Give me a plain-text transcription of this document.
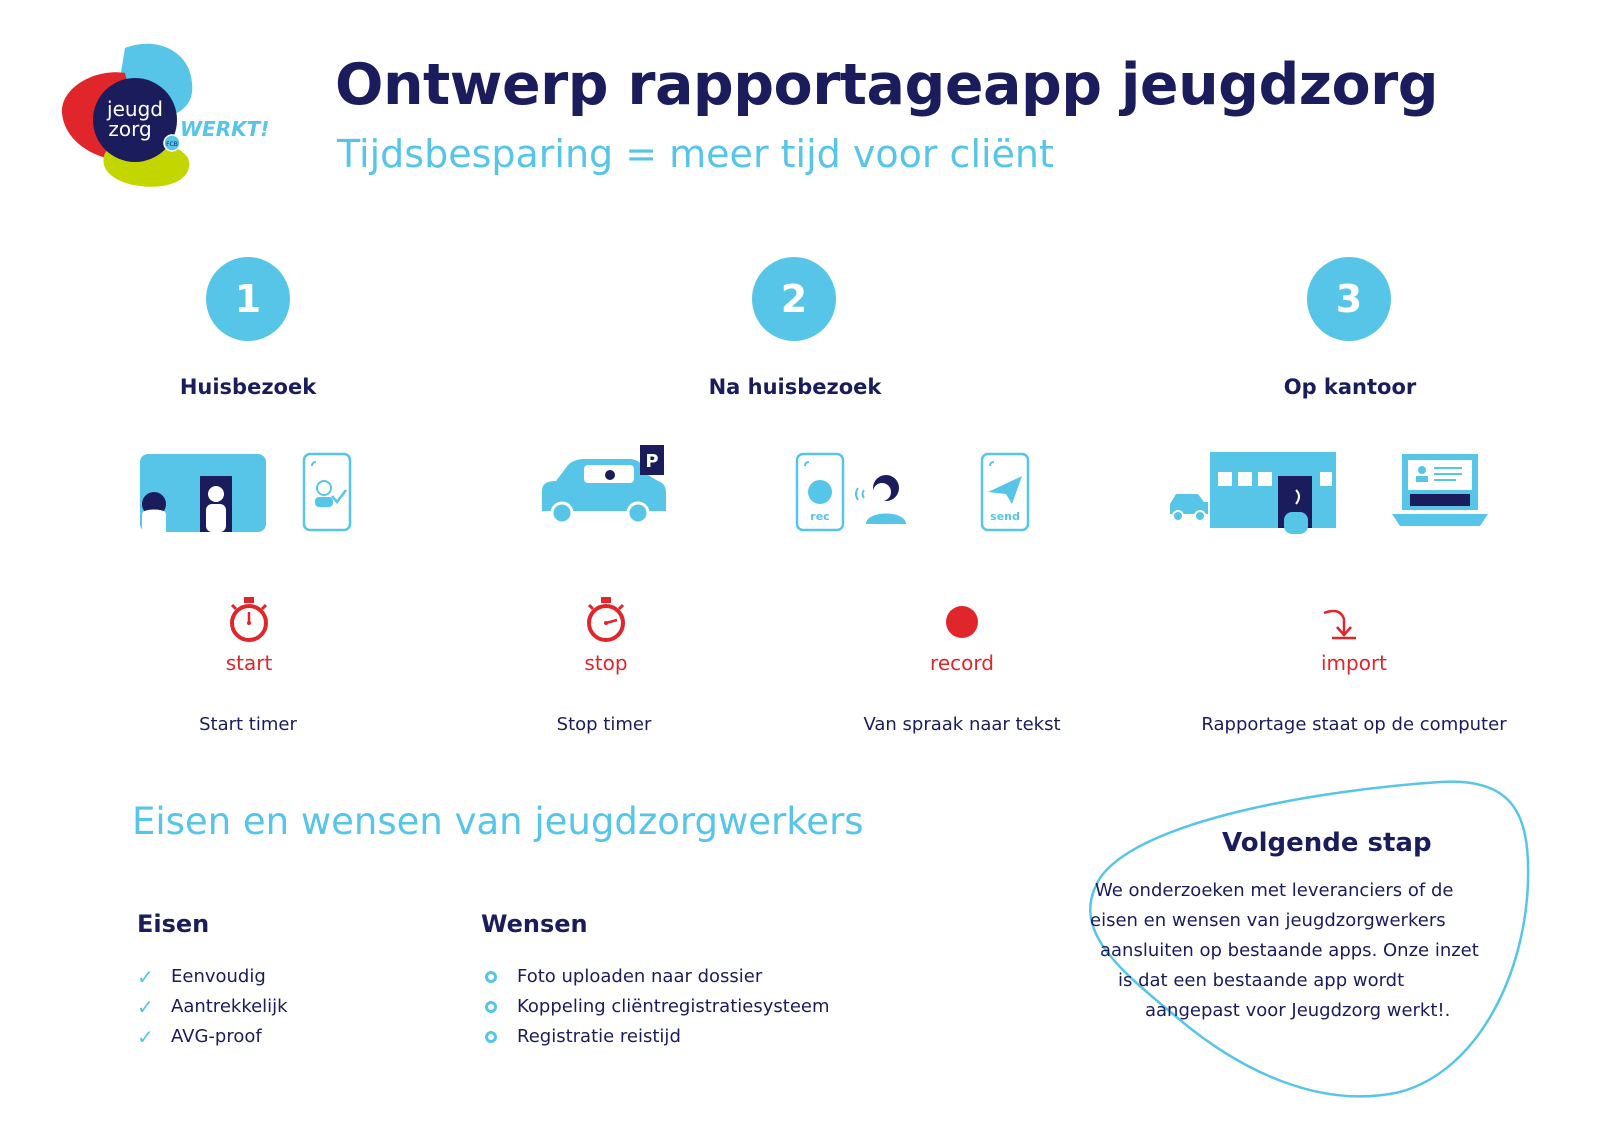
jeugd
zorg
FCB
WERKT!
Ontwerp rapportageapp jeugdzorg
Tijdsbesparing = meer tijd voor cliënt
1	2	3
Huisbezoek	Na huisbezoek	Op kantoor
P
rec	send
start	stop	record	import
Start timer	Stop timer	Van spraak naar tekst	Rapportage staat op de computer
Eisen en wensen van jeugdzorgwerkers
Eisen
✓ Eenvoudig
✓ Aantrekkelijk
✓ AVG-proof
Wensen
Foto uploaden naar dossier
Koppeling cliëntregistratiesysteem
Registratie reistijd
Volgende stap
We onderzoeken met leveranciers of de
eisen en wensen van jeugdzorgwerkers
aansluiten op bestaande apps. Onze inzet
is dat een bestaande app wordt
aangepast voor Jeugdzorg werkt!.
